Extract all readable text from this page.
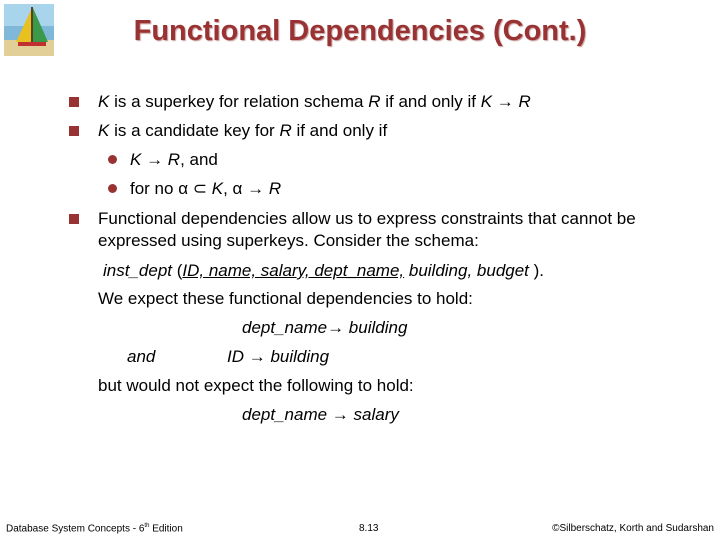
Functional Dependencies (Cont.)
K is a superkey for relation schema R if and only if K → R
K is a candidate key for R if and only if
K → R, and
for no α ⊂ K, α → R
Functional dependencies allow us to express constraints that cannot be
expressed using superkeys. Consider the schema:
inst_dept (ID, name, salary, dept_name, building, budget ).
We expect these functional dependencies to hold:
dept_name→ building
and	ID → building
but would not expect the following to hold:
dept_name → salary
Database System Concepts - 6th Edition	8.13	©Silberschatz, Korth and Sudarshan
